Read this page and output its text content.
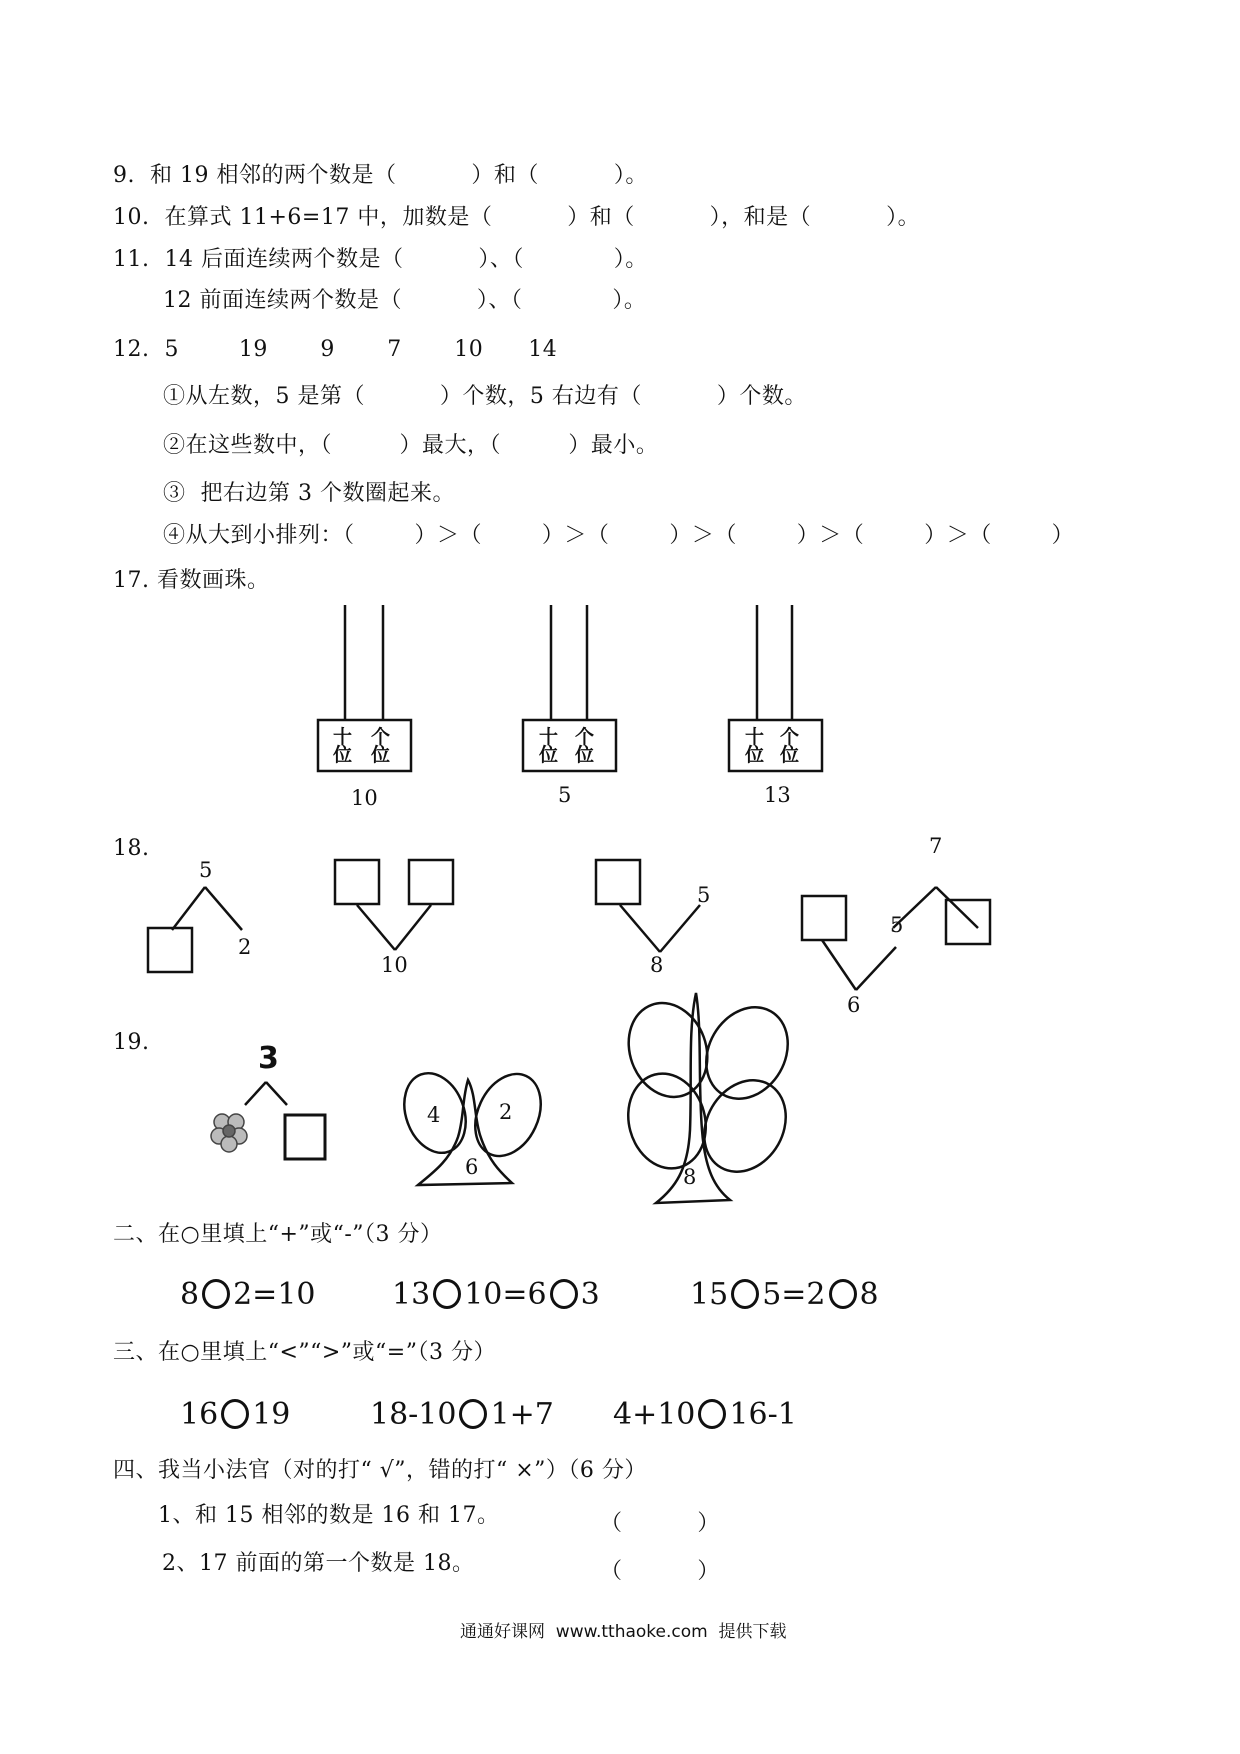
9.  和 19 相邻的两个数是（          ）和（          ）。
10.  在算式 11+6=17 中，加数是（          ）和（          ），和是（          ）。
11.  14 后面连续两个数是（          ）、（            ）。
12 前面连续两个数是（          ）、（            ）。
12.  5        19       9       7       10      14
①从左数，5 是第（          ）个数，5 右边有（          ）个数。
②在这些数中，（         ）最大，（         ）最小。
③  把右边第 3 个数圈起来。
④从大到小排列：（        ）＞（        ）＞（        ）＞（        ）＞（        ）＞（        ）
17. 看数画珠。
十
位
个
位
十
位
个
位
十
位
个
位
10	5	13
18.
5
2
10
5
8
7
5
6
19.	3
4	2
6	8
二、在○里填上“+”或“-”（3 分）
8 2=10	13 10=6 3	15 5=2 8
三、在○里填上“<”“>”或“=”（3 分）
16 19	18-10 1+7 4+10 16-1
四、我当小法官（对的打“ √”，错的打“ ×”）（6 分）
1、和 15 相邻的数是 16 和 17。	（          ）
2、17 前面的第一个数是 18。	（          ）
通通好课网  www.tthaoke.com  提供下载
